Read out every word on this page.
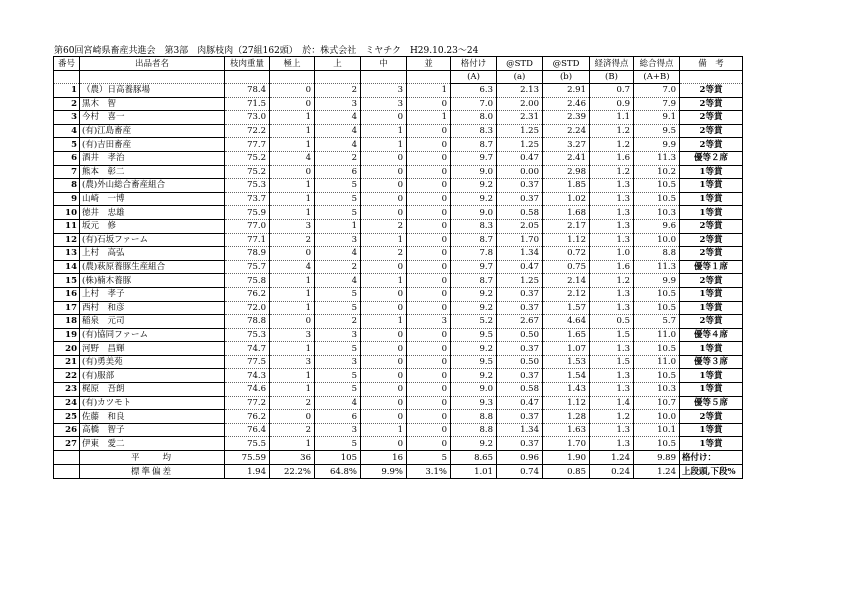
第60回宮崎県畜産共進会　第3部　肉豚枝肉（27組162頭）　於：株式会社　ミヤチク　H29.10.23～24
番号	出品者名	枝肉重量	極上	上	中	並	格付け	@STD	@STD	経済得点	総合得点	備　考
							(A)	(a)	(b)	(B)	(A+B)	
1	（農）日高養豚場	78.4	0	2	3	1	6.3	2.13	2.91	0.7	7.0	2等賞
2	黒木　智	71.5	0	3	3	0	7.0	2.00	2.46	0.9	7.9	2等賞
3	今村　喜一	73.0	1	4	0	1	8.0	2.31	2.39	1.1	9.1	2等賞
4	(有)江島畜産	72.2	1	4	1	0	8.3	1.25	2.24	1.2	9.5	2等賞
5	(有)吉田畜産	77.7	1	4	1	0	8.7	1.25	3.27	1.2	9.9	2等賞
6	酒井　孝治	75.2	4	2	0	0	9.7	0.47	2.41	1.6	11.3	優等２席
7	熊本　彰二	75.2	0	6	0	0	9.0	0.00	2.98	1.2	10.2	1等賞
8	(農)外山総合畜産組合	75.3	1	5	0	0	9.2	0.37	1.85	1.3	10.5	1等賞
9	山崎　一博	73.7	1	5	0	0	9.2	0.37	1.02	1.3	10.5	1等賞
10	徳井　忠雄	75.9	1	5	0	0	9.0	0.58	1.68	1.3	10.3	1等賞
11	坂元　修	77.0	3	1	2	0	8.3	2.05	2.17	1.3	9.6	2等賞
12	(有)石坂ファーム	77.1	2	3	1	0	8.7	1.70	1.12	1.3	10.0	2等賞
13	上村　高弘	78.9	0	4	2	0	7.8	1.34	0.72	1.0	8.8	2等賞
14	(農)萩原養豚生産組合	75.7	4	2	0	0	9.7	0.47	0.75	1.6	11.3	優等１席
15	(株)楠木養豚	75.8	1	4	1	0	8.7	1.25	2.14	1.2	9.9	2等賞
16	上村　孝子	76.2	1	5	0	0	9.2	0.37	2.12	1.3	10.5	1等賞
17	西村　和彦	72.0	1	5	0	0	9.2	0.37	1.57	1.3	10.5	1等賞
18	稲泉　元司	78.8	0	2	1	3	5.2	2.67	4.64	0.5	5.7	2等賞
19	(有)協同ファーム	75.3	3	3	0	0	9.5	0.50	1.65	1.5	11.0	優等４席
20	河野　昌輝	74.7	1	5	0	0	9.2	0.37	1.07	1.3	10.5	1等賞
21	(有)勇美苑	77.5	3	3	0	0	9.5	0.50	1.53	1.5	11.0	優等３席
22	(有)服部	74.3	1	5	0	0	9.2	0.37	1.54	1.3	10.5	1等賞
23	梶原　吾朗	74.6	1	5	0	0	9.0	0.58	1.43	1.3	10.3	1等賞
24	(有)カツモト	77.2	2	4	0	0	9.3	0.47	1.12	1.4	10.7	優等５席
25	佐藤　和良	76.2	0	6	0	0	8.8	0.37	1.28	1.2	10.0	2等賞
26	高橋　智子	76.4	2	3	1	0	8.8	1.34	1.63	1.3	10.1	1等賞
27	伊東　愛二	75.5	1	5	0	0	9.2	0.37	1.70	1.3	10.5	1等賞
	平　　均	75.59	36	105	16	5	8.65	0.96	1.90	1.24	9.89	格付け：
	標準偏差	1.94	22.2%	64.8%	9.9%	3.1%	1.01	0.74	0.85	0.24	1.24	上段頭,下段%
